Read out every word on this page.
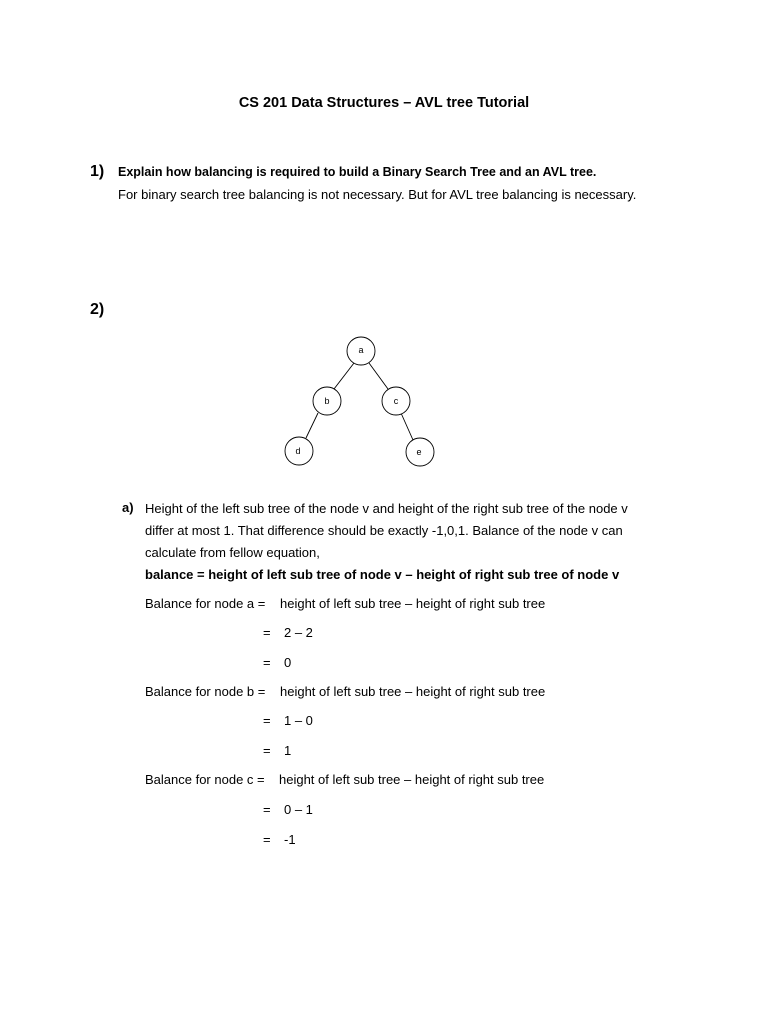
CS 201 Data Structures – AVL tree Tutorial
1) Explain how balancing is required to build a Binary Search Tree and an AVL tree.
For binary search tree balancing is not necessary. But for AVL tree balancing is necessary.
2)
a
b	c
d	e
a) Height of the left sub tree of the node v and height of the right sub tree of the node v
differ at most 1. That difference should be exactly -1,0,1. Balance of the node v can
calculate from fellow equation,
balance = height of left sub tree of node v – height of right sub tree of node v
Balance for node a = height of left sub tree – height of right sub tree
= 2 – 2
= 0
Balance for node b = height of left sub tree – height of right sub tree
= 1 – 0
= 1
Balance for node c = height of left sub tree – height of right sub tree
= 0 – 1
= -1
